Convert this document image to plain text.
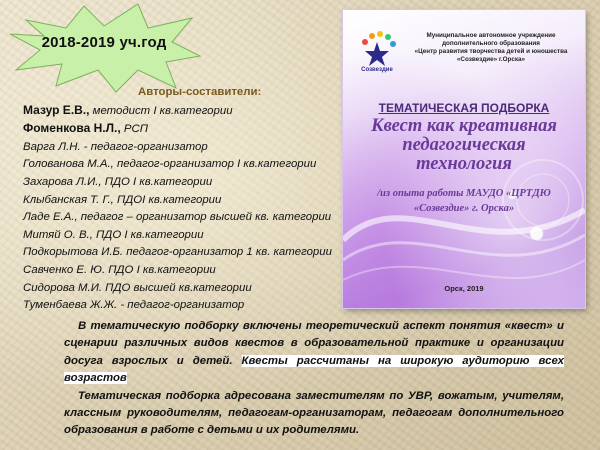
2018-2019 уч.год
Авторы-составители:
Мазур Е.В., методист I кв.категории
Фоменкова Н.Л., РСП
Варга Л.Н. - педагог-организатор
Голованова М.А., педагог-организатор I кв.категории
Захарова Л.И., ПДО I кв.категории
Клыбанская Т. Г., ПДОI кв.категории
Ладе Е.А., педагог – организатор высшей кв. категории
Митяй О. В., ПДО I кв.категории
Подкорытова И.Б. педагог-организатор 1 кв. категории
Савченко Е. Ю. ПДО I кв.категории
Сидорова М.И. ПДО высшей кв.категории
Туменбаева Ж.Ж. - педагог-организатор
Созвездие
Муниципальное автономное учреждение
дополнительного образования
«Центр развития творчества детей и юношества
«Созвездие» г.Орска»
ТЕМАТИЧЕСКАЯ ПОДБОРКА
Квест как креативная
педагогическая
технология
/из опыта работы МАУДО «ЦРТДЮ
«Созвездие» г. Орска»
Орск, 2019

В тематическую подборку включены теоретический аспект понятия «квест» и сценарии различных видов квестов в образовательной практике и организации досуга взрослых и детей. Квесты рассчитаны на широкую аудиторию всех возрастов

Тематическая подборка адресована заместителям по УВР, вожатым, учителям, классным руководителям, педагогам-организаторам, педагогам дополнительного образования в работе с детьми и их родителями.
